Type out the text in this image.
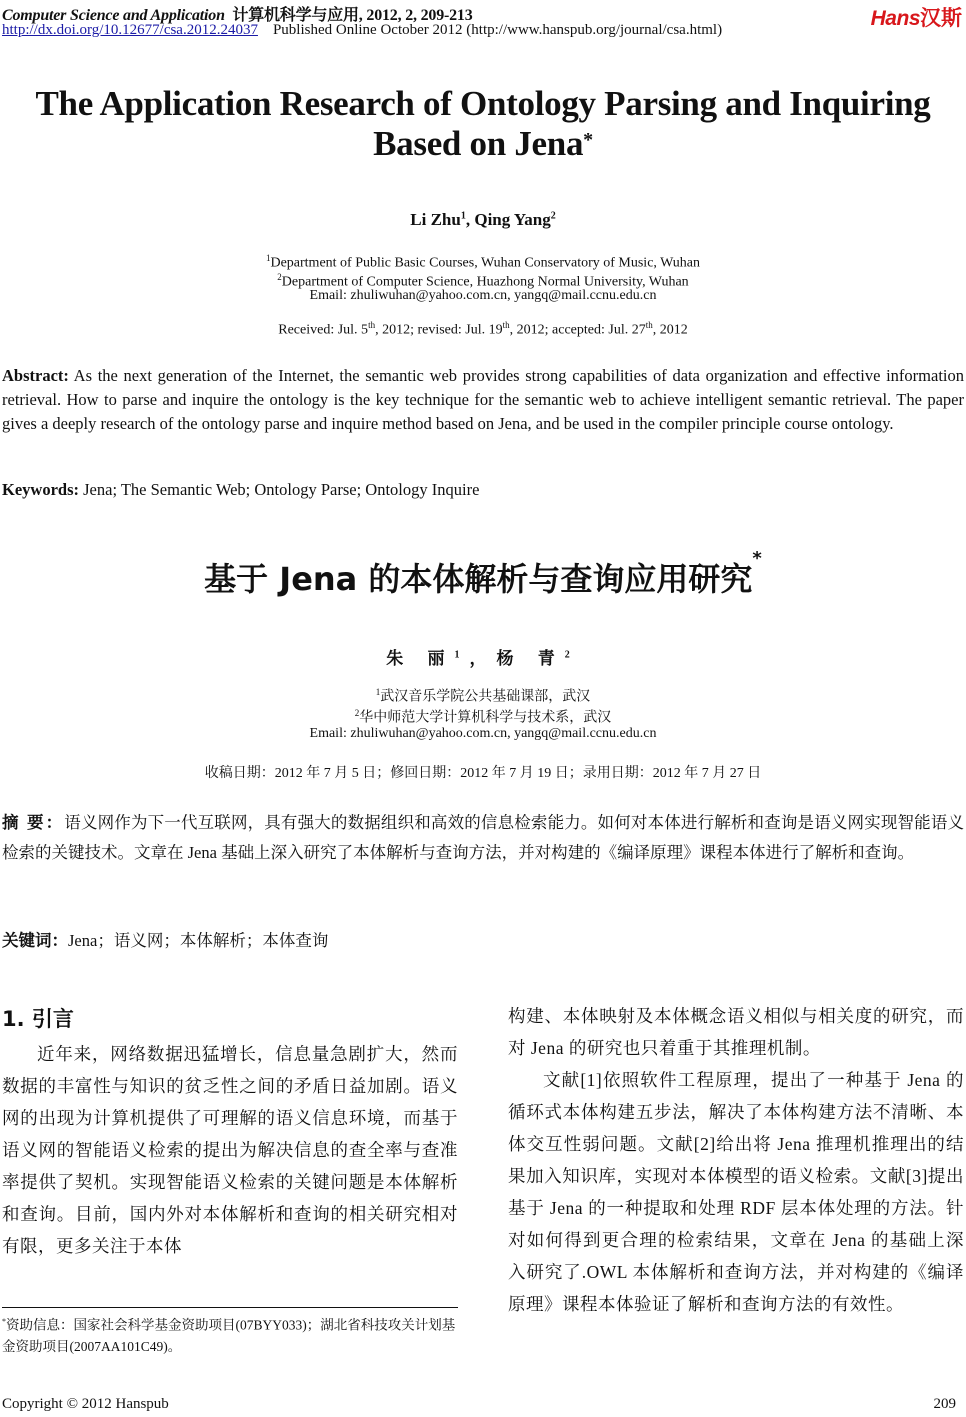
Computer Science and Application 计算机科学与应用, 2012, 2, 209-213
http://dx.doi.org/10.12677/csa.2012.24037 Published Online October 2012 (http://www.hanspub.org/journal/csa.html)	Hans汉斯
The Application Research of Ontology Parsing and Inquiring
Based on Jena*
Li Zhu$^1$, Qing Yang$^2$
$^1$Department of Public Basic Courses, Wuhan Conservatory of Music, Wuhan
$^2$Department of Computer Science, Huazhong Normal University, Wuhan
Email: zhuliwuhan@yahoo.com.cn, yangq@mail.ccnu.edu.cn
Received: Jul. 5th, 2012; revised: Jul. 19th, 2012; accepted: Jul. 27th, 2012
Abstract: As the next generation of the Internet, the semantic web provides strong capabilities of data organization and effective information retrieval. How to parse and inquire the ontology is the key technique for the semantic web to achieve intelligent semantic retrieval. The paper gives a deeply research of the ontology parse and inquire method based on Jena, and be used in the compiler principle course ontology.
Keywords: Jena; The Semantic Web; Ontology Parse; Ontology Inquire
基于 Jena 的本体解析与查询应用研究*
朱 丽$^1$，杨 青$^2$
$^1$武汉音乐学院公共基础课部，武汉
$^2$华中师范大学计算机科学与技术系，武汉
Email: zhuliwuhan@yahoo.com.cn, yangq@mail.ccnu.edu.cn
收稿日期：2012 年 7 月 5 日；修回日期：2012 年 7 月 19 日；录用日期：2012 年 7 月 27 日
摘 要：语义网作为下一代互联网，具有强大的数据组织和高效的信息检索能力。如何对本体进行解析和查询是语义网实现智能语义检索的关键技术。文章在 Jena 基础上深入研究了本体解析与查询方法，并对构建的《编译原理》课程本体进行了解析和查询。
关键词：Jena；语义网；本体解析；本体查询
1. 引言

近年来，网络数据迅猛增长，信息量急剧扩大，然而数据的丰富性与知识的贫乏性之间的矛盾日益加剧。语义网的出现为计算机提供了可理解的语义信息环境，而基于语义网的智能语义检索的提出为解决信息的查全率与查准率提供了契机。实现智能语义检索的关键问题是本体解析和查询。目前，国内外对本体解析和查询的相关研究相对有限，更多关注于本体

构建、本体映射及本体概念语义相似与相关度的研究，而对 Jena 的研究也只着重于其推理机制。

文献[1]依照软件工程原理，提出了一种基于 Jena 的循环式本体构建五步法，解决了本体构建方法不清晰、本体交互性弱问题。文献[2]给出将 Jena 推理机推理出的结果加入知识库，实现对本体模型的语义检索。文献[3]提出基于 Jena 的一种提取和处理 RDF 层本体处理的方法。针对如何得到更合理的检索结果，文章在 Jena 的基础上深入研究了.OWL 本体解析和查询方法，并对构建的《编译原理》课程本体验证了解析和查询方法的有效性。

*资助信息：国家社会科学基金资助项目(07BYY033)；湖北省科技攻关计划基金资助项目(2007AA101C49)。
Copyright © 2012 Hanspub	209
